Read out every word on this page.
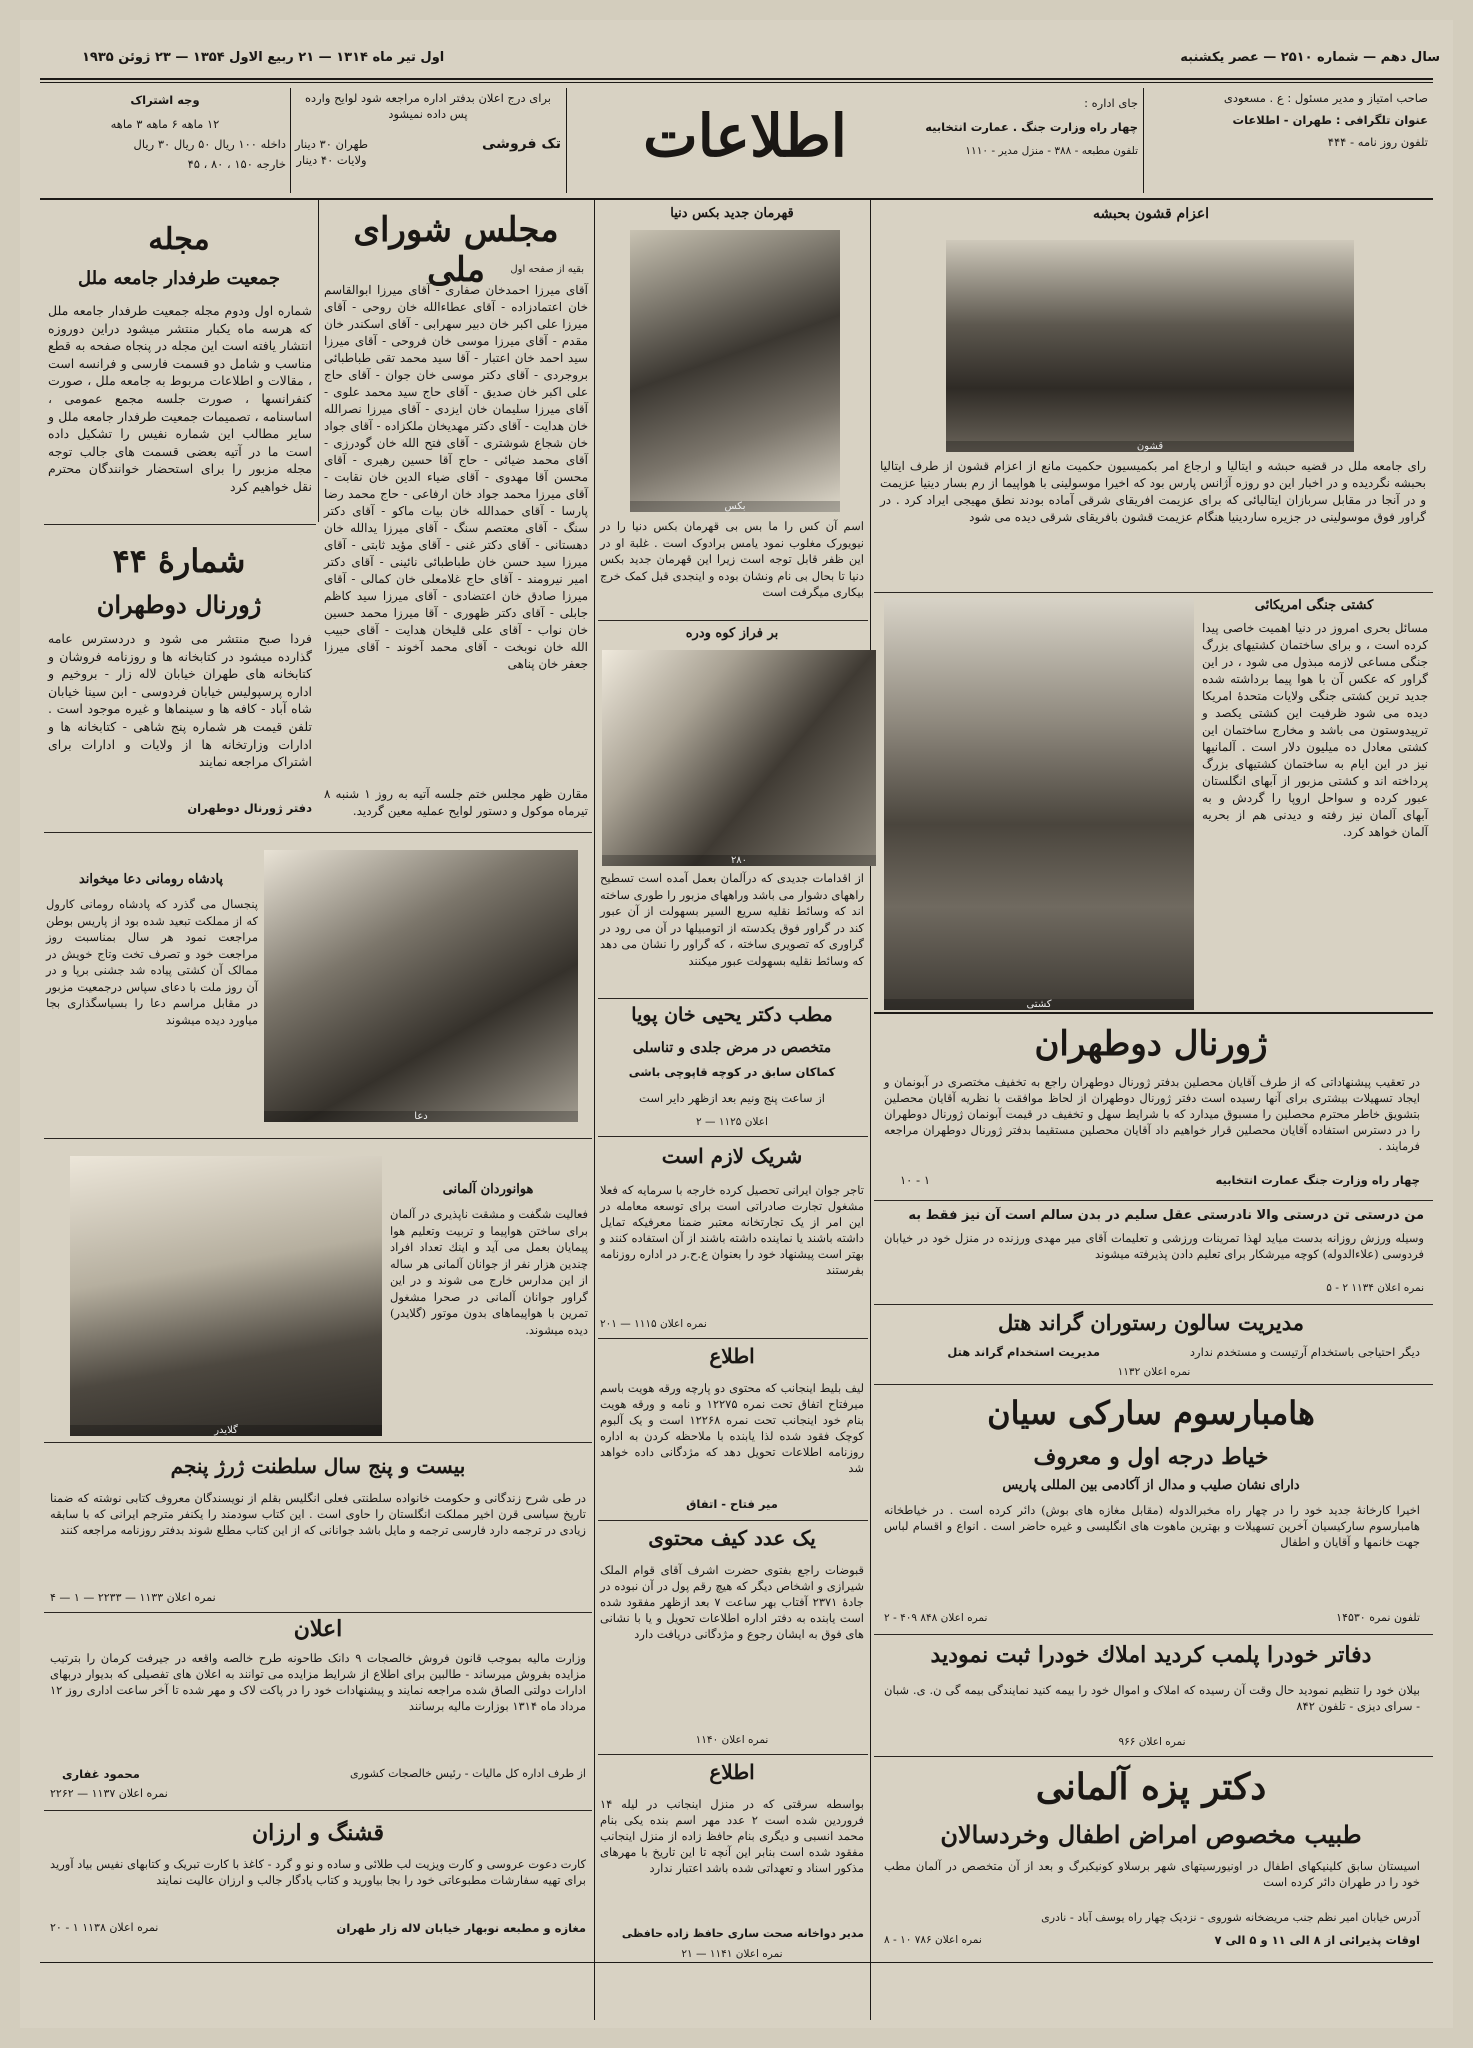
اول تیر ماه ۱۳۱۴ — ۲۱ ربیع الاول ۱۳۵۴ — ۲۳ ژوئن ۱۹۳۵	سال دهم — شماره ۲۵۱۰ — عصر یکشنبه
صاحب امتیاز و مدیر مسئول : ع . مسعودی
عنوان تلگرافی : طهران - اطلاعات
تلفون روز نامه - ۴۴۴
جای اداره :
چهار راه وزارت جنگ . عمارت انتخابیه
تلفون مطبعه - ۳۸۸ - منزل مدیر - ۱۱۱۰
اطلاعات
برای درج اعلان بدفتر اداره مراجعه شود لوایح وارده پس داده نمیشود
تک فروشی
طهران ۳۰ دینار
ولایات ۴۰ دینار
وجه اشتراک
۱۲ ماهه ۶ ماهه ۳ ماهه
داخله ۱۰۰ ریال ۵۰ ریال ۳۰ ریال
خارجه ۱۵۰ ، ۸۰ ، ۴۵
مجله
جمعیت طرفدار جامعه ملل
شماره اول ودوم مجله جمعیت طرفدار جامعه ملل که هرسه ماه یکبار منتشر میشود دراین دوروزه انتشار یافته است این مجله در پنجاه صفحه به قطع مناسب و شامل دو قسمت فارسی و فرانسه است ، مقالات و اطلاعات مربوط به جامعه ملل ، صورت کنفرانسها ، صورت جلسه مجمع عمومی ، اساسنامه ، تصمیمات جمعیت طرفدار جامعه ملل و سایر مطالب این شماره نفیس را تشکیل داده است ما در آتیه بعضی قسمت های جالب توجه مجله مزبور را برای استحضار خوانندگان محترم نقل خواهیم کرد
شمارهٔ ۴۴
ژورنال دوطهران
فردا صبح منتشر می شود و دردسترس عامه گذارده میشود در کتابخانه ها و روزنامه فروشان و کتابخانه های طهران خیابان لاله زار - بروخیم و اداره پرسپولیس خیابان فردوسی - ابن سینا خیابان شاه آباد - کافه ها و سینماها و غیره موجود است . تلفن قیمت هر شماره پنج شاهی - کتابخانه ها و ادارات وزارتخانه ها از ولایات و ادارات برای اشتراک مراجعه نمایند
دفتر ژورنال دوطهران
مجلس شورای ملی	بقیه از صفحه اول
آقای میرزا احمدخان صفاری - آقای میرزا ابوالقاسم خان اعتمادزاده - آقای عطاءالله خان روحی - آقای میرزا علی اکبر خان دبیر سهرابی - آقای اسکندر خان مقدم - آقای میرزا موسی خان فروحی - آقای میرزا سید احمد خان اعتبار - آقا سید محمد تقی طباطبائی بروجردی - آقای دکتر موسی خان جوان - آقای حاج علی اکبر خان صدیق - آقای حاج سید محمد علوی - آقای میرزا سلیمان خان ایزدی - آقای میرزا نصرالله خان هدایت - آقای دکتر مهدیخان ملکزاده - آقای جواد خان شجاع شوشتری - آقای فتح الله خان گودرزی - آقای محمد ضیائی - حاج آقا حسین رهبری - آقای محسن آقا مهدوی - آقای ضیاء الدین خان نقابت - آقای میرزا محمد جواد خان ارفاعی - حاج محمد رضا پارسا - آقای حمدالله خان بیات ماکو - آقای دکتر سنگ - آقای معتصم سنگ - آقای میرزا یدالله خان دهستانی - آقای دکتر غنی - آقای مؤید ثابتی - آقای میرزا سید حسن خان طباطبائی نائینی - آقای دکتر امیر نیرومند - آقای حاج غلامعلی خان کمالی - آقای میرزا صادق خان اعتضادی - آقای میرزا سید کاظم جابلی - آقای دکتر ظهوری - آقا میرزا محمد حسین خان نواب - آقای علی قلیخان هدایت - آقای حبیب الله خان نوبخت - آقای محمد آخوند - آقای میرزا جعفر خان پناهی
مقارن ظهر مجلس ختم جلسه آتیه به روز ۱ شنبه ۸ تیرماه موکول و دستور لوایح عملیه معین گردید.
قهرمان جدید بکس دنیا
بکس
اسم آن کس را ما بس بی قهرمان بکس دنیا را در نیویورک مغلوب نمود یامس برادوک است . غلبة او در این ظفر قابل توجه است زیرا این قهرمان جدید بکس دنیا تا بحال بی نام ونشان بوده و اینجدی قبل کمک خرج بیکاری میگرفت است
بر فراز کوه ودره
۲۸۰
از اقدامات جدیدی که درآلمان بعمل آمده است تسطیح راههای دشوار می باشد وراههای مزبور را طوری ساخته اند که وسائط نقلیه سریع السیر بسهولت از آن عبور کند در گراور فوق یکدسته از اتومبیلها در آن می رود در گراوری که تصویری ساخته ، که گراور را نشان می دهد که وسائط نقلیه بسهولت عبور میکنند
اعزام قشون بحبشه
قشون
رای جامعه ملل در قضیه حبشه و ایتالیا و ارجاع امر بکمیسیون حکمیت مانع از اعزام قشون از طرف ایتالیا بحبشه نگردیده و در اخبار این دو روزه آژانس پارس بود که اخیرا موسولینی با هواپیما از رم بسار دینیا عزیمت و در آنجا در مقابل سربازان ایتالیائی که برای عزیمت افریقای شرقی آماده بودند نطق مهیجی ایراد کرد . در گراور فوق موسولینی در جزیره ساردینیا هنگام عزیمت قشون بافریقای شرقی دیده می شود
کشتی
کشتی جنگی امریکائی
مسائل بحری امروز در دنیا اهمیت خاصی پیدا کرده است ، و برای ساختمان کشتیهای بزرگ جنگی مساعی لازمه مبذول می شود ، در این گراور که عکس آن با هوا پیما برداشته شده جدید ترین کشتی جنگی ولایات متحدهٔ امریکا دیده می شود ظرفیت این کشتی یکصد و ترپیدوستون می باشد و مخارج ساختمان این کشتی معادل ده میلیون دلار است . آلمانیها نیز در این ایام به ساختمان کشتیهای بزرگ پرداخته اند و کشتی مزبور از آبهای انگلستان عبور کرده و سواحل اروپا را گردش و به آبهای آلمان نیز رفته و دیدنی هم از بحریه آلمان خواهد کرد.
دعا
پادشاه رومانی دعا میخواند
پنجسال می گذرد که پادشاه رومانی کارول که از مملکت تبعید شده بود از پاریس بوطن مراجعت نمود هر سال بمناسبت روز مراجعت خود و تصرف تخت وتاج خویش در ممالک آن کشتی پیاده شد جشنی برپا و در آن روز ملت با دعای سپاس درجمعیت مزبور در مقابل مراسم دعا را بسياسگذاری بجا میاورد دیده میشوند
گلایدر
هوانوردان آلمانی
فعالیت شگفت و مشقت ناپذیری در آلمان برای ساختن هواپیما و تربیت وتعلیم هوا پیمایان بعمل می آید و اینك تعداد افراد چندین هزار نفر از جوانان آلمانی هر ساله از این مدارس خارج می شوند و در این گراور جوانان آلمانی در صحرا مشغول تمرین با هواپیماهای بدون موتور (گلایدر) دیده میشوند.
بیست و پنج سال سلطنت ژرژ پنجم
در طی شرح زندگانی و حکومت خانواده سلطنتی فعلی انگلیس بقلم از نویسندگان معروف کتابی نوشته که ضمنا تاریخ سیاسی قرن اخیر مملکت انگلستان را حاوی است . این کتاب سودمند را یکنفر مترجم ایرانی که با سابقه زیادی در ترجمه دارد فارسی ترجمه و مایل باشد جوانانی که از این کتاب مطلع شوند بدفتر روزنامه مراجعه کنند
نمره اعلان ۱۱۳۳ — ۲۲۳۳ — ۱ — ۴
اعلان
وزارت مالیه بموجب قانون فروش خالصجات ۹ دانک طاحونه طرح خالصه واقعه در جیرفت کرمان را بترتیب مزایده بفروش میرساند - طالبین برای اطلاع از شرایط مزایده می توانند به اعلان های تفصیلی که بدیوار دربهای ادارات دولتی الصاق شده مراجعه نمایند و پیشنهادات خود را در پاکت لاک و مهر شده تا آخر ساعت اداری روز ۱۲ مرداد ماه ۱۳۱۴ بوزارت مالیه برسانند
محمود غفاری	از طرف اداره کل مالیات - رئیس خالصجات کشوری
نمره اعلان ۱۱۳۷ — ۲۲۶۲
قشنگ و ارزان
کارت دعوت عروسی و کارت ویزیت لب طلائی و ساده و نو و گرد - کاغذ با کارت تبریک و کتابهای نفیس بیاد آورید برای تهیه سفارشات مطبوعاتی خود را بجا بیاورید و کتاب یادگار جالب و ارزان عالیت نمایند
مغازه و مطبعه نوبهار خیابان لاله زار طهران
نمره اعلان ۱۱۳۸ ۱ - ۲۰
مطب دکتر یحیی خان پویا
متخصص در مرض جلدی و تناسلی
کماکان سابق در کوچه قاپوچی باشی
از ساعت پنج ونیم بعد ازظهر دایر است
اعلان ۱۱۲۵ — ۲
شریک لازم است
تاجر جوان ایرانی تحصیل کرده خارجه با سرمایه که فعلا مشغول تجارت صادراتی است برای توسعه معامله در این امر از یک تجارتخانه معتبر ضمنا معرفیکه تمایل داشته باشند یا نماینده داشته باشند از آن استفاده کنند و بهتر است پیشنهاد خود را بعنوان ع.ح.ر در اداره روزنامه بفرستند
نمره اعلان ۱۱۱۵ — ۲۰۱
اطلاع
لیف بلیط اینجانب که محتوی دو پارچه ورقه هویت باسم میرفتاح اتفاق تحت نمره ۱۲۲۷۵ و نامه و ورقه هویت بنام خود اینجانب تحت نمره ۱۲۲۶۸ است و یک آلبوم کوچک فقود شده لذا یابنده با ملاحظه کردن به اداره روزنامه اطلاعات تحویل دهد که مژدگانی داده خواهد شد
میر فتاح - اتفاق
یک عدد کیف محتوی
قبوضات راجع بفتوی حضرت اشرف آقای قوام الملک شیرازی و اشخاص دیگر که هیچ رقم پول در آن نبوده در جادهٔ ۲۳۷۱ آفتاب بهر ساعت ۷ بعد ازظهر مفقود شده است یابنده به دفتر اداره اطلاعات تحویل و یا با نشانی های فوق به ایشان رجوع و مژدگانی دریافت دارد
نمره اعلان ۱۱۴۰
اطلاع
بواسطه سرقتی که در منزل اینجانب در لیله ۱۴ فروردین شده است ۲ عدد مهر اسم بنده یکی بنام محمد انسبی و دیگری بنام حافظ زاده از منزل اینجانب مفقود شده است بنابر این آنچه تا این تاریخ با مهرهای مذکور اسناد و تعهداتی شده باشد اعتبار ندارد
مدیر دواخانه صحت ساری حافظ زاده حافظی
نمره اعلان ۱۱۴۱ — ۲۱
ژورنال دوطهران
در تعقیب پیشنهاداتی که از طرف آقایان محصلین بدفتر ژورنال دوطهران راجع به تخفیف مختصری در آبونمان و ایجاد تسهیلات بیشتری برای آنها رسیده است دفتر ژورنال دوطهران از لحاظ موافقت با نظریه آقایان محصلین بتشویق خاطر محترم محصلین را مسبوق میدارد که با شرایط سهل و تخفیف در قیمت آبونمان ژورنال دوطهران را در دسترس استفاده آقایان محصلین قرار خواهیم داد آقایان محصلین مستقیما بدفتر ژورنال دوطهران مراجعه فرمایند .
چهار راه وزارت جنگ عمارت انتخابیه
۱ - ۱۰
من درستی تن درستی والا نادرستی عقل سلیم در بدن سالم است آن نیز فقط به
وسیله ورزش روزانه بدست میاید لهذا تمرینات ورزشی و تعلیمات آقای میر مهدی ورزنده در منزل خود در خیابان فردوسی (علاءالدوله) کوچه میرشکار برای تعلیم دادن پذیرفته میشوند
نمره اعلان ۱۱۳۴ ۲ - ۵
مدیریت سالون رستوران گراند هتل
دیگر احتیاجی باستخدام آرتیست و مستخدم ندارد
مدیریت استخدام گراند هتل
نمره اعلان ۱۱۳۲
هامبارسوم سارکی سیان
خیاط درجه اول و معروف
دارای نشان صلیب و مدال از آکادمی بین المللی پاریس
اخیرا کارخانهٔ جدید خود را در چهار راه مخبرالدوله (مقابل مغازه های بوش) دائر کرده است . در خیاطخانه هامبارسوم سارکیسیان آخرین تسهیلات و بهترین ماهوت های انگلیسی و غیره حاضر است . انواع و اقسام لباس جهت خانمها و آقایان و اطفال
نمره اعلان ۸۴۸ ۴۰۹ - ۲	تلفون نمره ۱۴۵۳۰
دفاتر خودرا پلمب کردید املاك خودرا ثبت نمودید
بیلان خود را تنظیم نمودید حال وقت آن رسیده که املاک و اموال خود را بیمه کنید نمایندگی بیمه گی ن. ی. شبان - سرای دیزی - تلفون ۸۴۲
نمره اعلان ۹۶۶
دکتر پزه آلمانی
طبیب مخصوص امراض اطفال وخردسالان
اسیستان سابق کلینیکهای اطفال در اونیورسیتهای شهر برسلاو کونیکبرگ و بعد از آن متخصص در آلمان مطب خود را در طهران دائر کرده است
آدرس خیابان امیر نظم جنب مریضخانه شوروی - نزدیک چهار راه یوسف آباد - نادری
اوقات پذیرائی از ۸ الی ۱۱ و ۵ الی ۷
نمره اعلان ۷۸۶ ۱۰ - ۸
